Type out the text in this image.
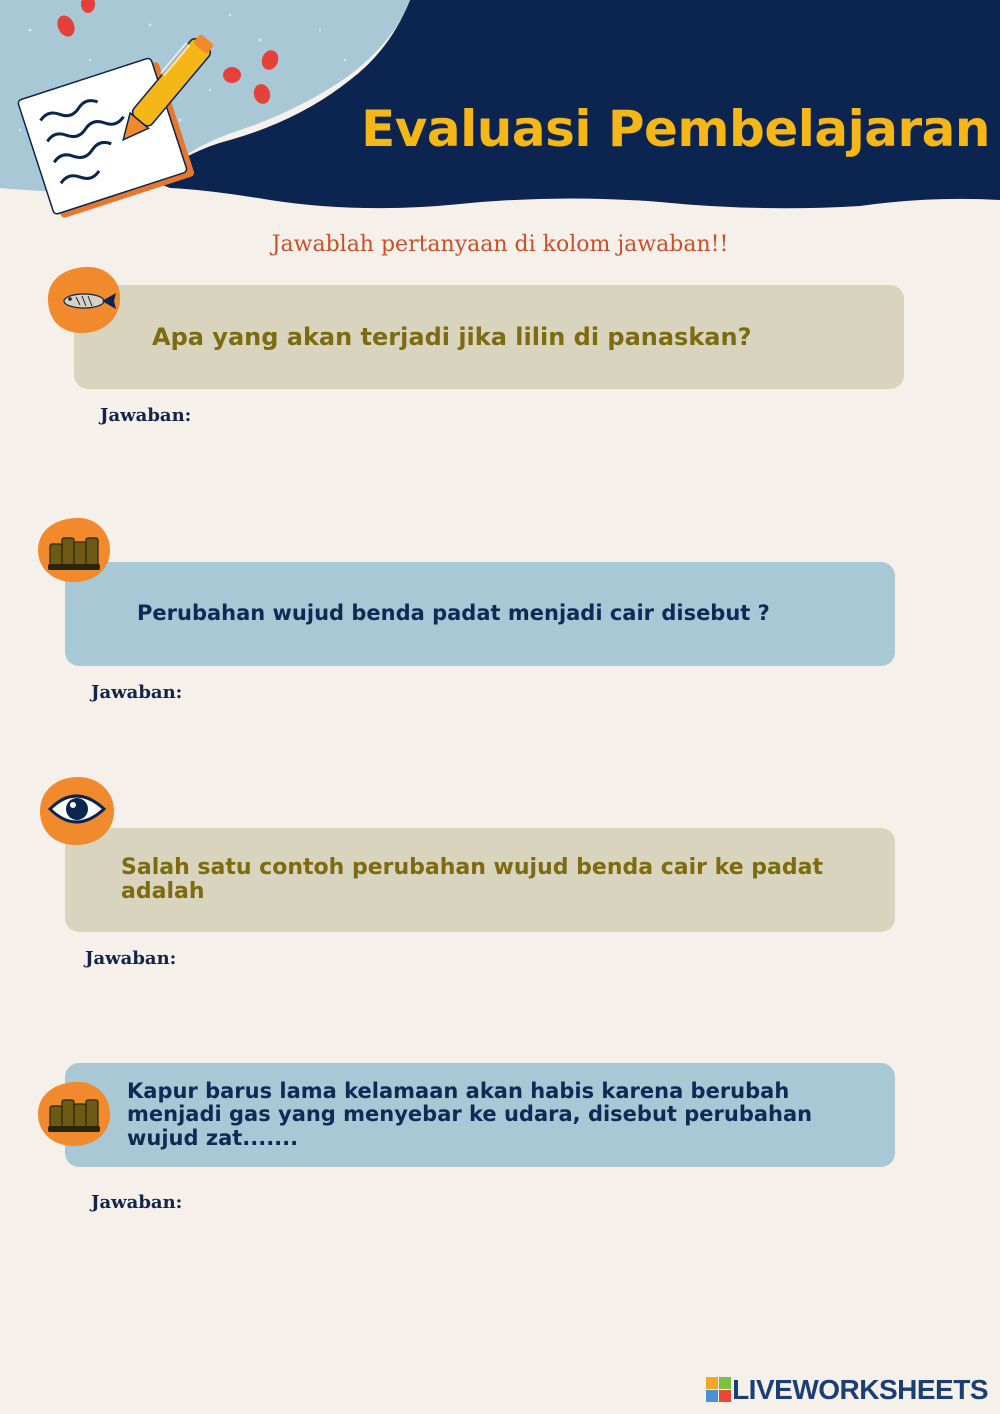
Evaluasi Pembelajaran
Jawablah pertanyaan di kolom jawaban!!
Apa yang akan terjadi jika lilin di panaskan?
Jawaban:
Perubahan wujud benda padat menjadi cair disebut ?
Jawaban:
Salah satu contoh perubahan wujud benda cair ke padat adalah
Jawaban:
Kapur barus lama kelamaan akan habis karena berubah menjadi gas yang menyebar ke udara, disebut perubahan wujud zat.......
Jawaban:
LIVEWORKSHEETS
